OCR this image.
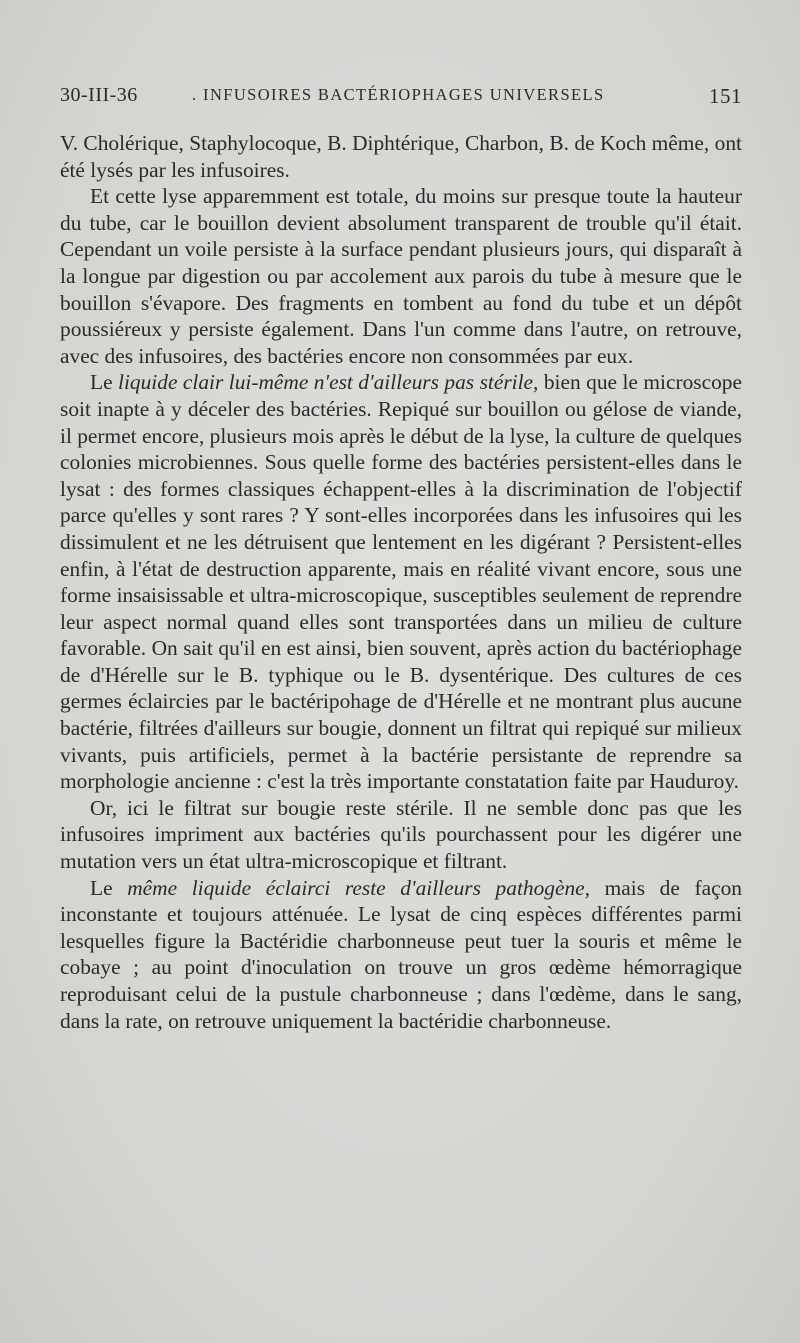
30-III-36	. INFUSOIRES BACTÉRIOPHAGES UNIVERSELS	151

V. Cholérique, Staphylocoque, B. Diphtérique, Charbon, B. de Koch même, ont été lysés par les infusoires.

Et cette lyse apparemment est totale, du moins sur presque toute la hauteur du tube, car le bouillon devient absolument transparent de trouble qu'il était. Cependant un voile persiste à la surface pendant plusieurs jours, qui disparaît à la longue par digestion ou par accolement aux parois du tube à mesure que le bouillon s'évapore. Des fragments en tombent au fond du tube et un dépôt poussiéreux y persiste également. Dans l'un comme dans l'autre, on retrouve, avec des infusoires, des bactéries encore non consommées par eux.

Le liquide clair lui-même n'est d'ailleurs pas stérile, bien que le microscope soit inapte à y déceler des bactéries. Repiqué sur bouillon ou gélose de viande, il permet encore, plusieurs mois après le début de la lyse, la culture de quelques colonies microbiennes. Sous quelle forme des bactéries persistent-elles dans le lysat : des formes classiques échappent-elles à la discrimination de l'objectif parce qu'elles y sont rares ? Y sont-elles incorporées dans les infusoires qui les dissimulent et ne les détruisent que lentement en les digérant ? Persistent-elles enfin, à l'état de destruction apparente, mais en réalité vivant encore, sous une forme insaisissable et ultra-microscopique, susceptibles seulement de reprendre leur aspect normal quand elles sont transportées dans un milieu de culture favorable. On sait qu'il en est ainsi, bien souvent, après action du bactériophage de d'Hérelle sur le B. typhique ou le B. dysentérique. Des cultures de ces germes éclaircies par le bactéripohage de d'Hérelle et ne montrant plus aucune bactérie, filtrées d'ailleurs sur bougie, donnent un filtrat qui repiqué sur milieux vivants, puis artificiels, permet à la bactérie persistante de reprendre sa morphologie ancienne : c'est la très importante constatation faite par Hauduroy.

Or, ici le filtrat sur bougie reste stérile. Il ne semble donc pas que les infusoires impriment aux bactéries qu'ils pourchassent pour les digérer une mutation vers un état ultra-microscopique et filtrant.

Le même liquide éclairci reste d'ailleurs pathogène, mais de façon inconstante et toujours atténuée. Le lysat de cinq espèces différentes parmi lesquelles figure la Bactéridie charbonneuse peut tuer la souris et même le cobaye ; au point d'inoculation on trouve un gros œdème hémorragique reproduisant celui de la pustule charbonneuse ; dans l'œdème, dans le sang, dans la rate, on retrouve uniquement la bactéridie charbonneuse.
